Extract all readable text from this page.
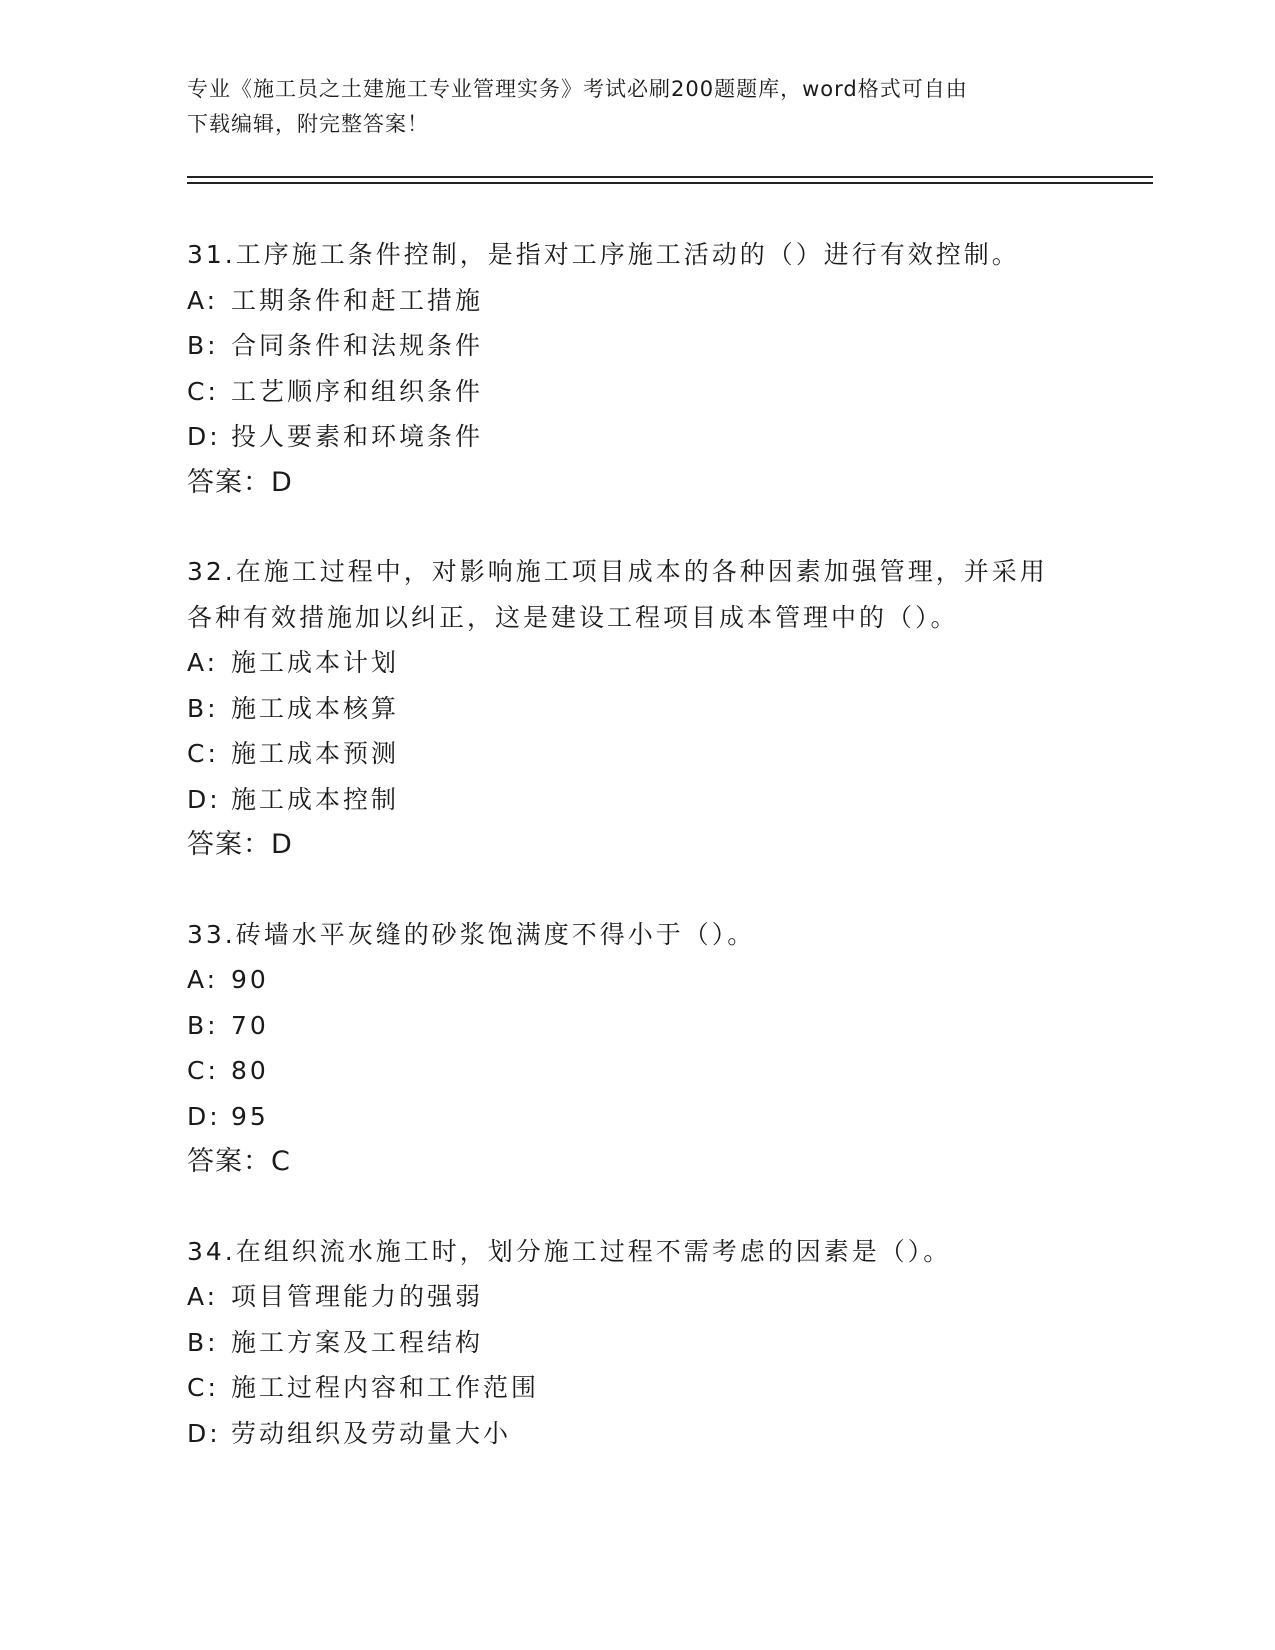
专业《施工员之土建施工专业管理实务》考试必刷200题题库，word格式可自由
下载编辑，附完整答案！
31.工序施工条件控制，是指对工序施工活动的（）进行有效控制。
A: 工期条件和赶工措施
B: 合同条件和法规条件
C: 工艺顺序和组织条件
D: 投人要素和环境条件
答案：D
32.在施工过程中，对影响施工项目成本的各种因素加强管理，并采用
各种有效措施加以纠正，这是建设工程项目成本管理中的（）。
A: 施工成本计划
B: 施工成本核算
C: 施工成本预测
D: 施工成本控制
答案：D
33.砖墙水平灰缝的砂浆饱满度不得小于（）。
A: 90
B: 70
C: 80
D: 95
答案：C
34.在组织流水施工时，划分施工过程不需考虑的因素是（）。
A: 项目管理能力的强弱
B: 施工方案及工程结构
C: 施工过程内容和工作范围
D: 劳动组织及劳动量大小
